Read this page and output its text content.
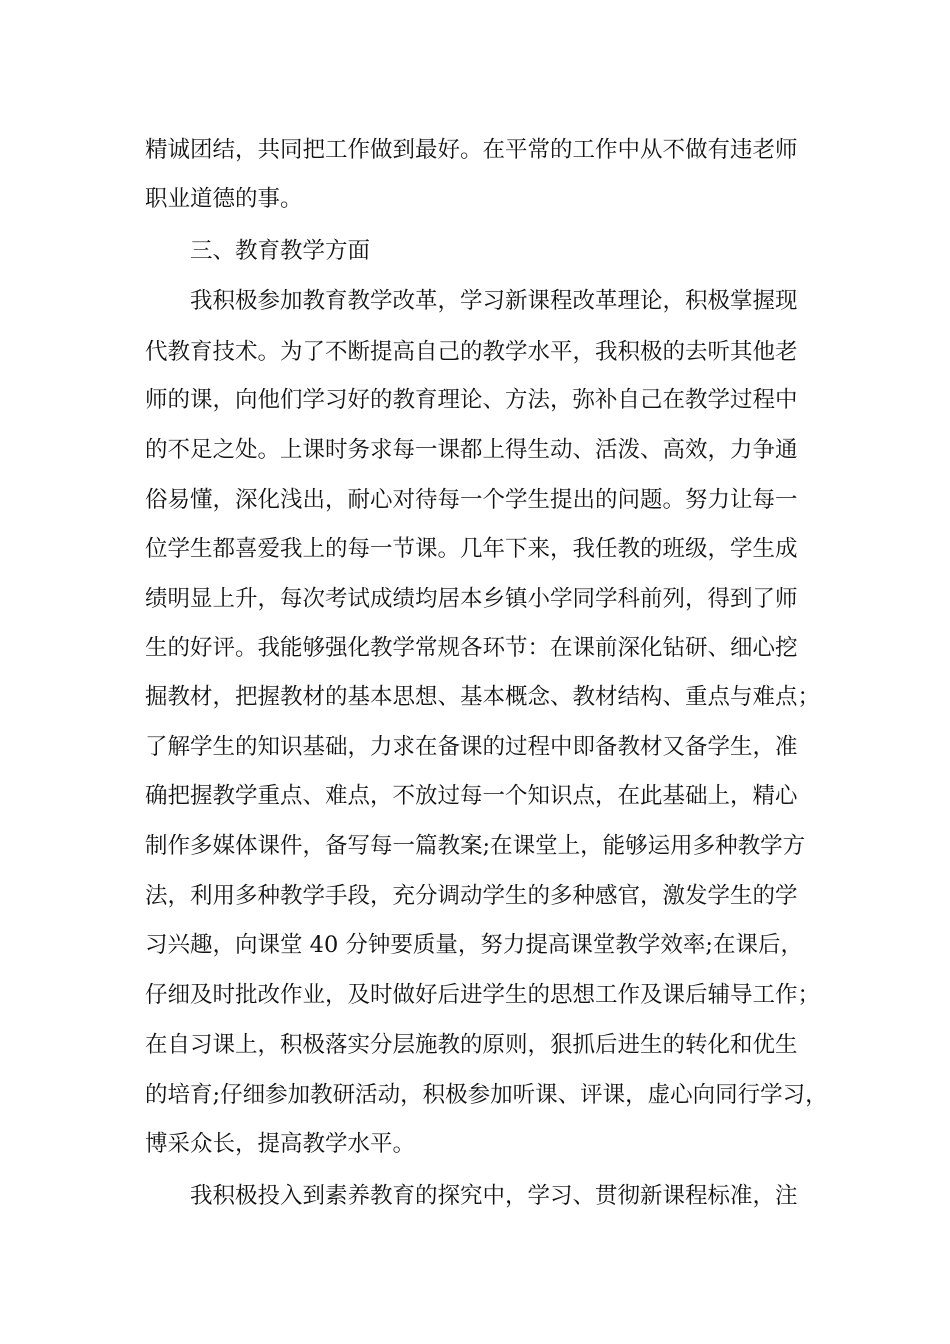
精诚团结，共同把工作做到最好。在平常的工作中从不做有违老师
职业道德的事。
三、教育教学方面
我积极参加教育教学改革，学习新课程改革理论，积极掌握现
代教育技术。为了不断提高自己的教学水平，我积极的去听其他老
师的课，向他们学习好的教育理论、方法，弥补自己在教学过程中
的不足之处。上课时务求每一课都上得生动、活泼、高效，力争通
俗易懂，深化浅出，耐心对待每一个学生提出的问题。努力让每一
位学生都喜爱我上的每一节课。几年下来，我任教的班级，学生成
绩明显上升，每次考试成绩均居本乡镇小学同学科前列，得到了师
生的好评。我能够强化教学常规各环节：在课前深化钻研、细心挖
掘教材，把握教材的基本思想、基本概念、教材结构、重点与难点；
了解学生的知识基础，力求在备课的过程中即备教材又备学生，准
确把握教学重点、难点，不放过每一个知识点，在此基础上，精心
制作多媒体课件，备写每一篇教案;在课堂上，能够运用多种教学方
法，利用多种教学手段，充分调动学生的多种感官，激发学生的学
习兴趣，向课堂 40 分钟要质量，努力提高课堂教学效率;在课后，
仔细及时批改作业，及时做好后进学生的思想工作及课后辅导工作；
在自习课上，积极落实分层施教的原则，狠抓后进生的转化和优生
的培育;仔细参加教研活动，积极参加听课、评课，虚心向同行学习，
博采众长，提高教学水平。
我积极投入到素养教育的探究中，学习、贯彻新课程标准，注
